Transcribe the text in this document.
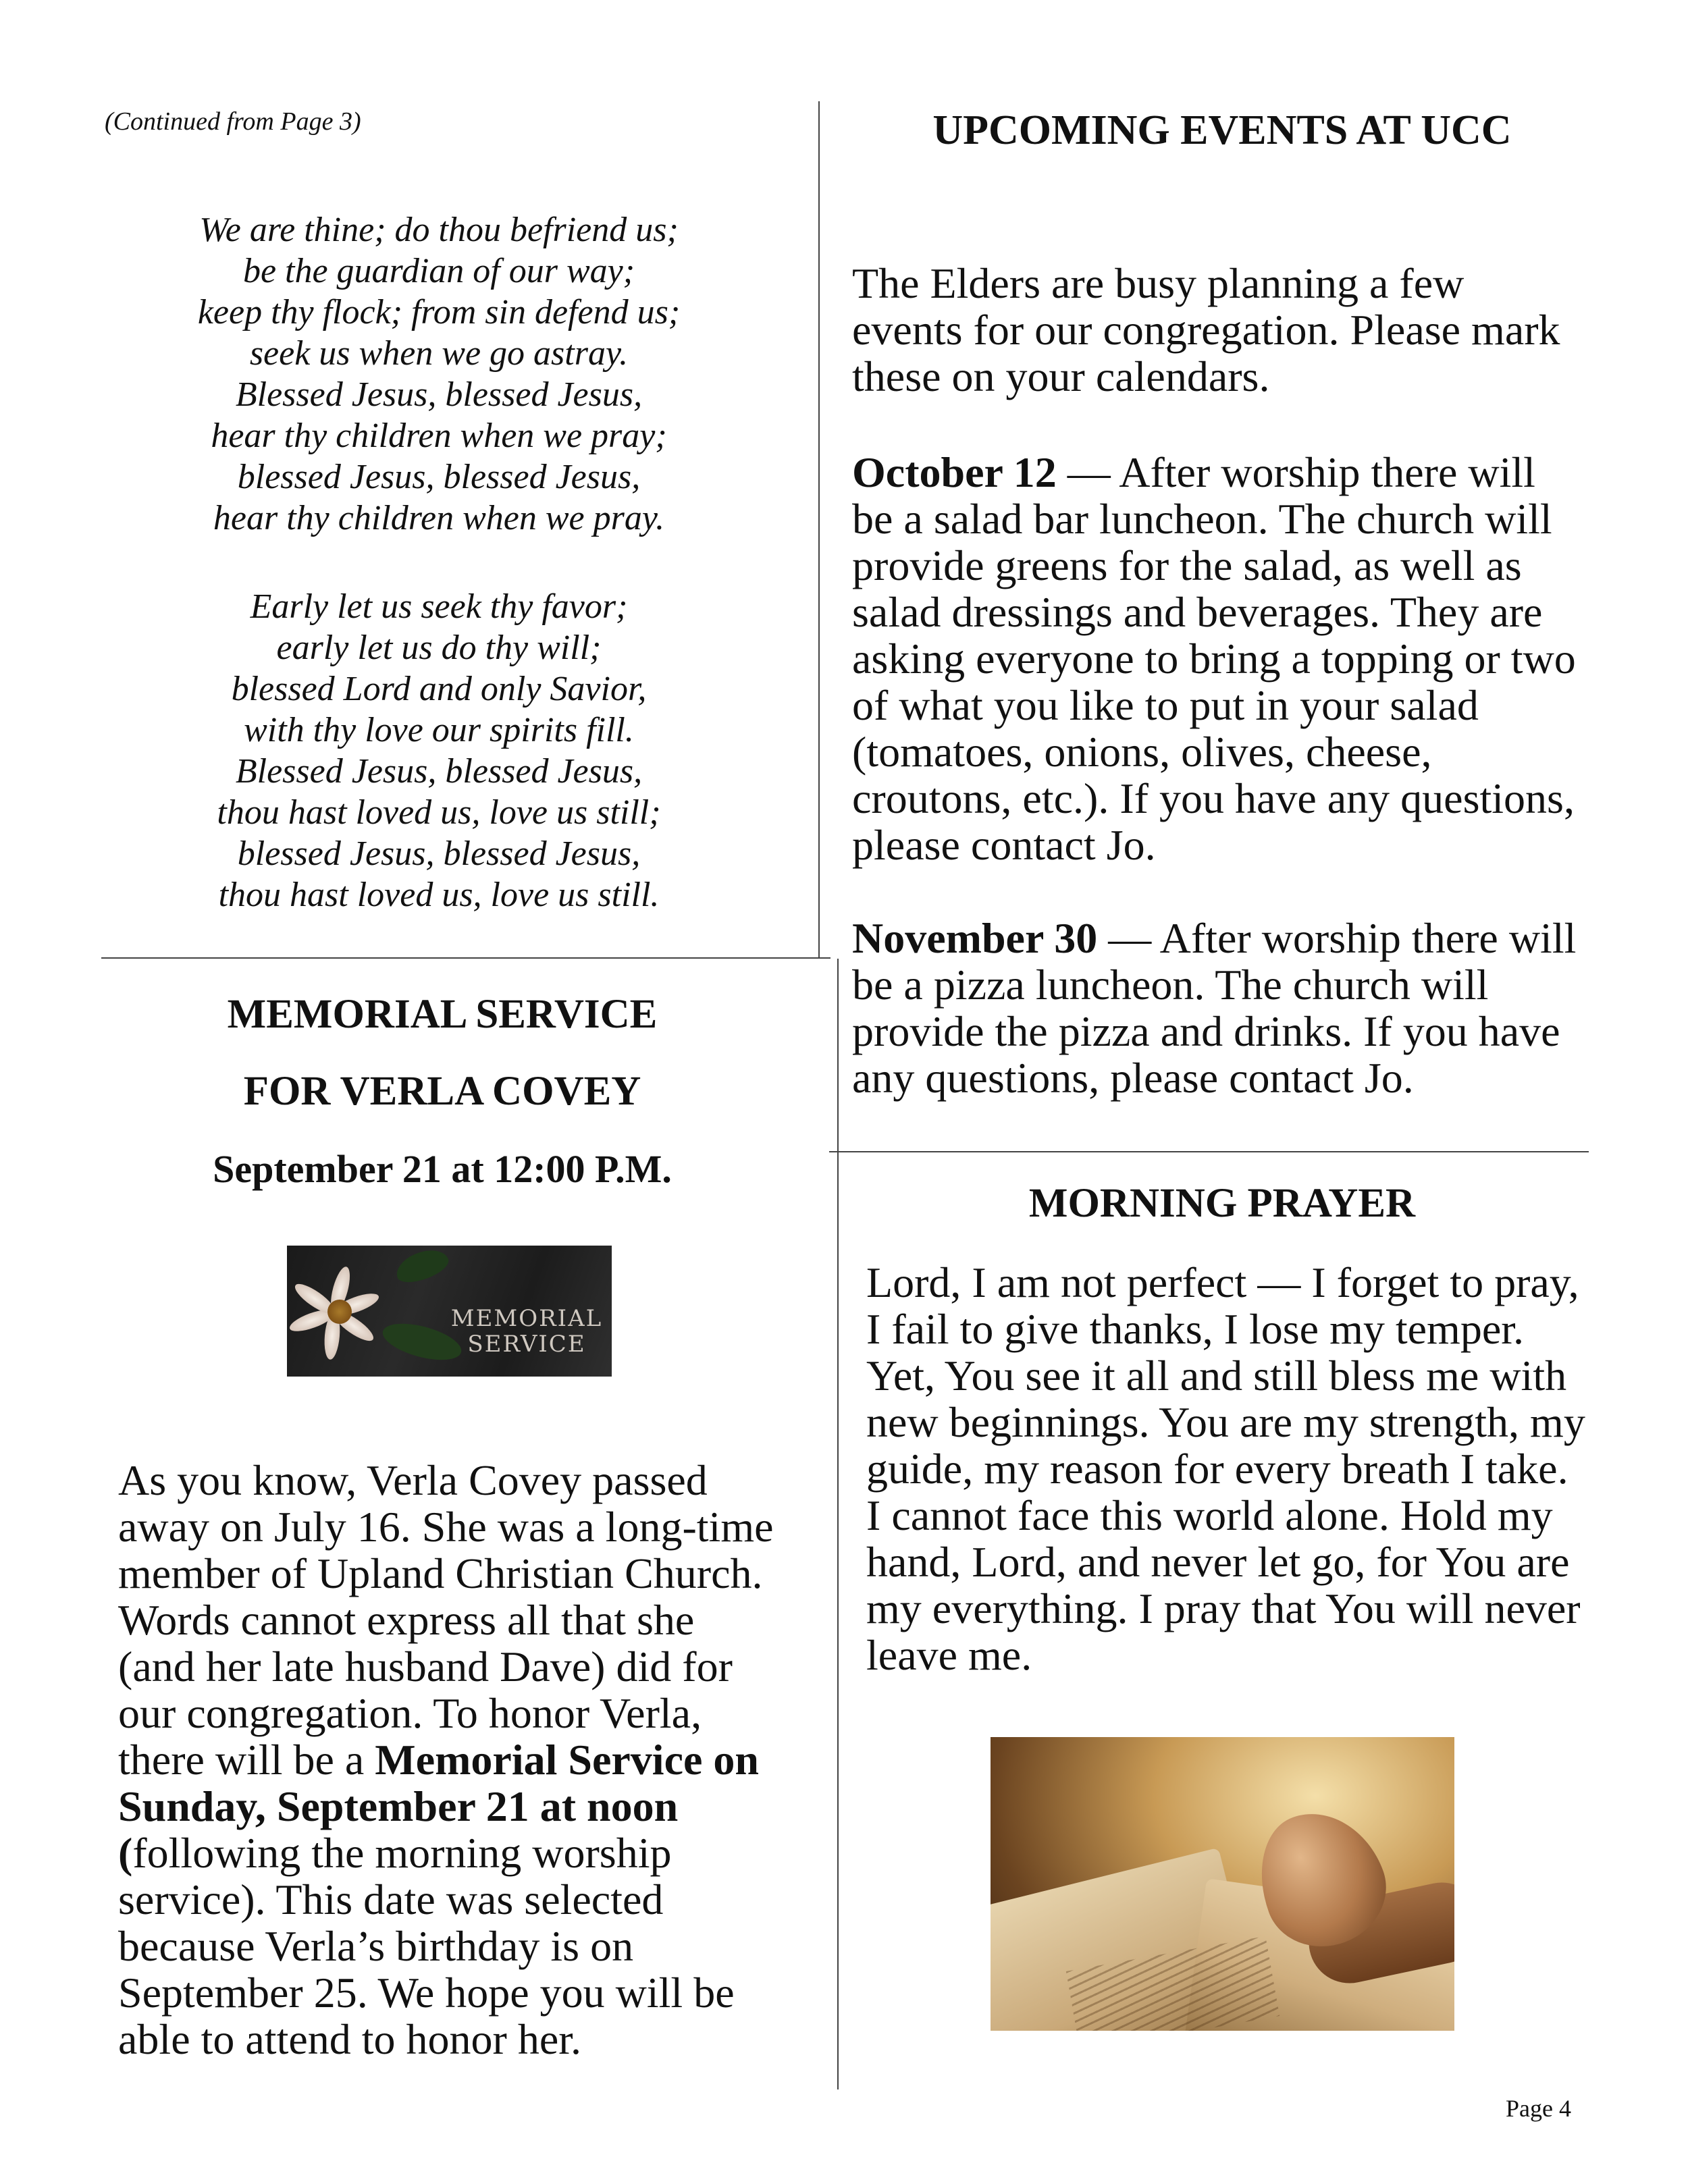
(Continued from Page 3)
We are thine; do thou befriend us;
be the guardian of our way;
keep thy flock; from sin defend us;
seek us when we go astray.
Blessed Jesus, blessed Jesus,
hear thy children when we pray;
blessed Jesus, blessed Jesus,
hear thy children when we pray.
Early let us seek thy favor;
early let us do thy will;
blessed Lord and only Savior,
with thy love our spirits fill.
Blessed Jesus, blessed Jesus,
thou hast loved us, love us still;
blessed Jesus, blessed Jesus,
thou hast loved us, love us still.
MEMORIAL SERVICE
FOR VERLA COVEY
September 21 at 12:00 P.M.
MEMORIAL
SERVICE

As you know, Verla Covey passed away on July 16. She was a long-time member of Upland Christian Church. Words cannot express all that she (and her late husband Dave) did for our congregation. To honor Verla, there will be a Memorial Service on Sunday, September 21 at noon (following the morning worship service). This date was selected because Verla’s birthday is on September 25. We hope you will be able to attend to honor her.

UPCOMING EVENTS AT UCC

The Elders are busy planning a few events for our congregation. Please mark these on your calendars.

October 12 — After worship there will be a salad bar luncheon. The church will provide greens for the salad, as well as salad dressings and beverages. They are asking everyone to bring a topping or two of what you like to put in your salad (tomatoes, onions, olives, cheese, croutons, etc.). If you have any questions, please contact Jo.

November 30 — After worship there will be a pizza luncheon. The church will provide the pizza and drinks. If you have any questions, please contact Jo.

MORNING PRAYER

Lord, I am not perfect — I forget to pray, I fail to give thanks, I lose my temper. Yet, You see it all and still bless me with new beginnings. You are my strength, my guide, my reason for every breath I take. I cannot face this world alone. Hold my hand, Lord, and never let go, for You are my everything. I pray that You will never leave me.

Page 4
